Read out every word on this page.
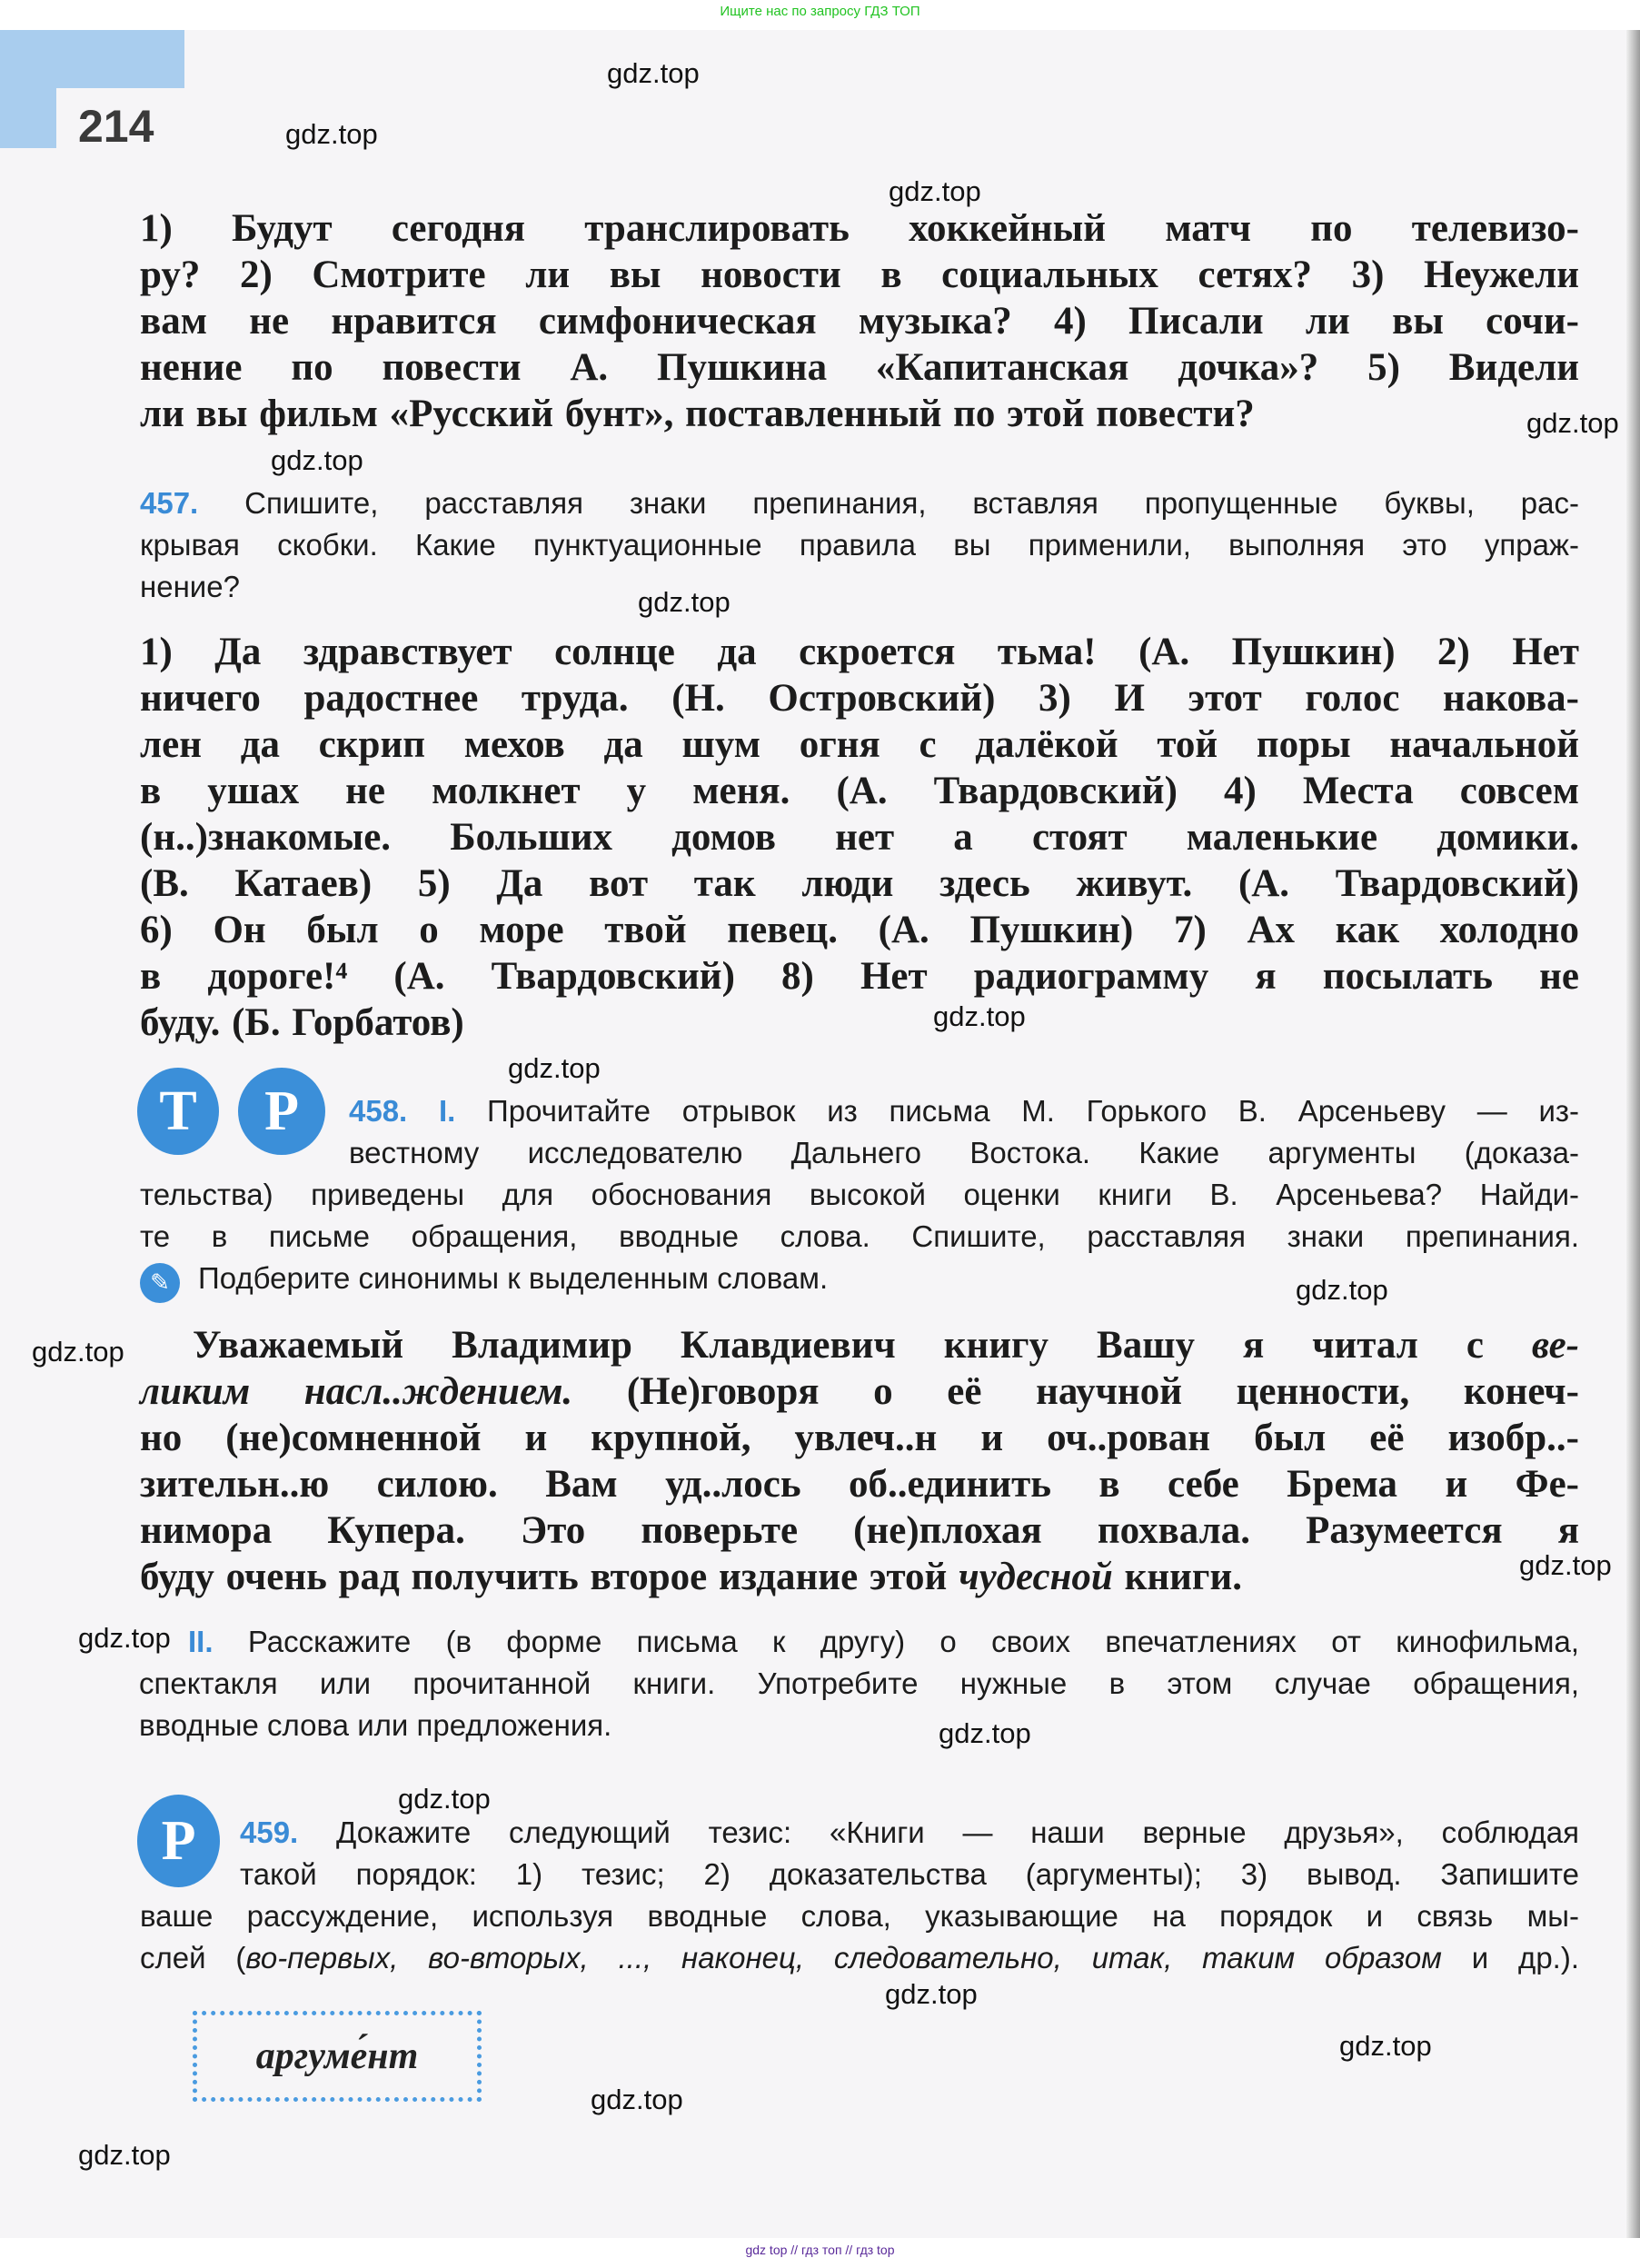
Ищите нас по запросу ГДЗ ТОП
214
1) Будут сегодня транслировать хоккейный матч по телевизо-
ру? 2) Смотрите ли вы новости в социальных сетях? 3) Неужели
вам не нравится симфоническая музыка? 4) Писали ли вы сочи-
нение по повести А. Пушкина «Капитанская дочка»? 5) Видели
ли вы фильм «Русский бунт», поставленный по этой повести?
457. Спишите, расставляя знаки препинания, вставляя пропущенные буквы, рас-
крывая скобки. Какие пунктуационные правила вы применили, выполняя это упраж-
нение?
1) Да здравствует солнце да скроется тьма! (А. Пушкин) 2) Нет
ничего радостнее труда. (Н. Островский) 3) И этот голос накова-
лен да скрип мехов да шум огня с далёкой той поры начальной
в ушах не молкнет у меня. (А. Твардовский) 4) Места совсем
(н..)знакомые. Больших домов нет а стоят маленькие домики.
(В. Катаев) 5) Да вот так люди здесь живут. (А. Твардовский)
6) Он был о море твой певец. (А. Пушкин) 7) Ах как холодно
в дороге!⁴ (А. Твардовский) 8) Нет радиограмму я посылать не
буду. (Б. Горбатов)
Т	Р	458. I. Прочитайте отрывок из письма М. Горького В. Арсеньеву — из-
вестному исследователю Дальнего Востока. Какие аргументы (доказа-
тельства) приведены для обоснования высокой оценки книги В. Арсеньева? Найди-
те в письме обращения, вводные слова. Спишите, расставляя знаки препинания.
✎ Подберите синонимы к выделенным словам.
Уважаемый Владимир Клавдиевич книгу Вашу я читал с ве-
ликим насл..ждением. (Не)говоря о её научной ценности, конеч-
но (не)сомненной и крупной, увлеч..н и оч..рован был её изобр..-
зительн..ю силою. Вам уд..лось об..единить в себе Брема и Фе-
нимора Купера. Это поверьте (не)плохая похвала. Разумеется я
буду очень рад получить второе издание этой чудесной книги.
II. Расскажите (в форме письма к другу) о своих впечатлениях от кинофильма,
спектакля или прочитанной книги. Употребите нужные в этом случае обращения,
вводные слова или предложения.
Р	459. Докажите следующий тезис: «Книги — наши верные друзья», соблюдая
такой порядок: 1) тезис; 2) доказательства (аргументы); 3) вывод. Запишите
ваше рассуждение, используя вводные слова, указывающие на порядок и связь мы-
слей (во-первых, во-вторых, ..., наконец, следовательно, итак, таким образом и др.).
аргуме́нт
gdz.top
gdz.top
gdz.top
gdz.top
gdz.top
gdz.top
gdz.top
gdz.top
gdz.top
gdz.top
gdz.top
gdz.top
gdz.top
gdz.top
gdz.top
gdz.top
gdz.top
gdz.top
gdz top // гдз топ // гдз top
